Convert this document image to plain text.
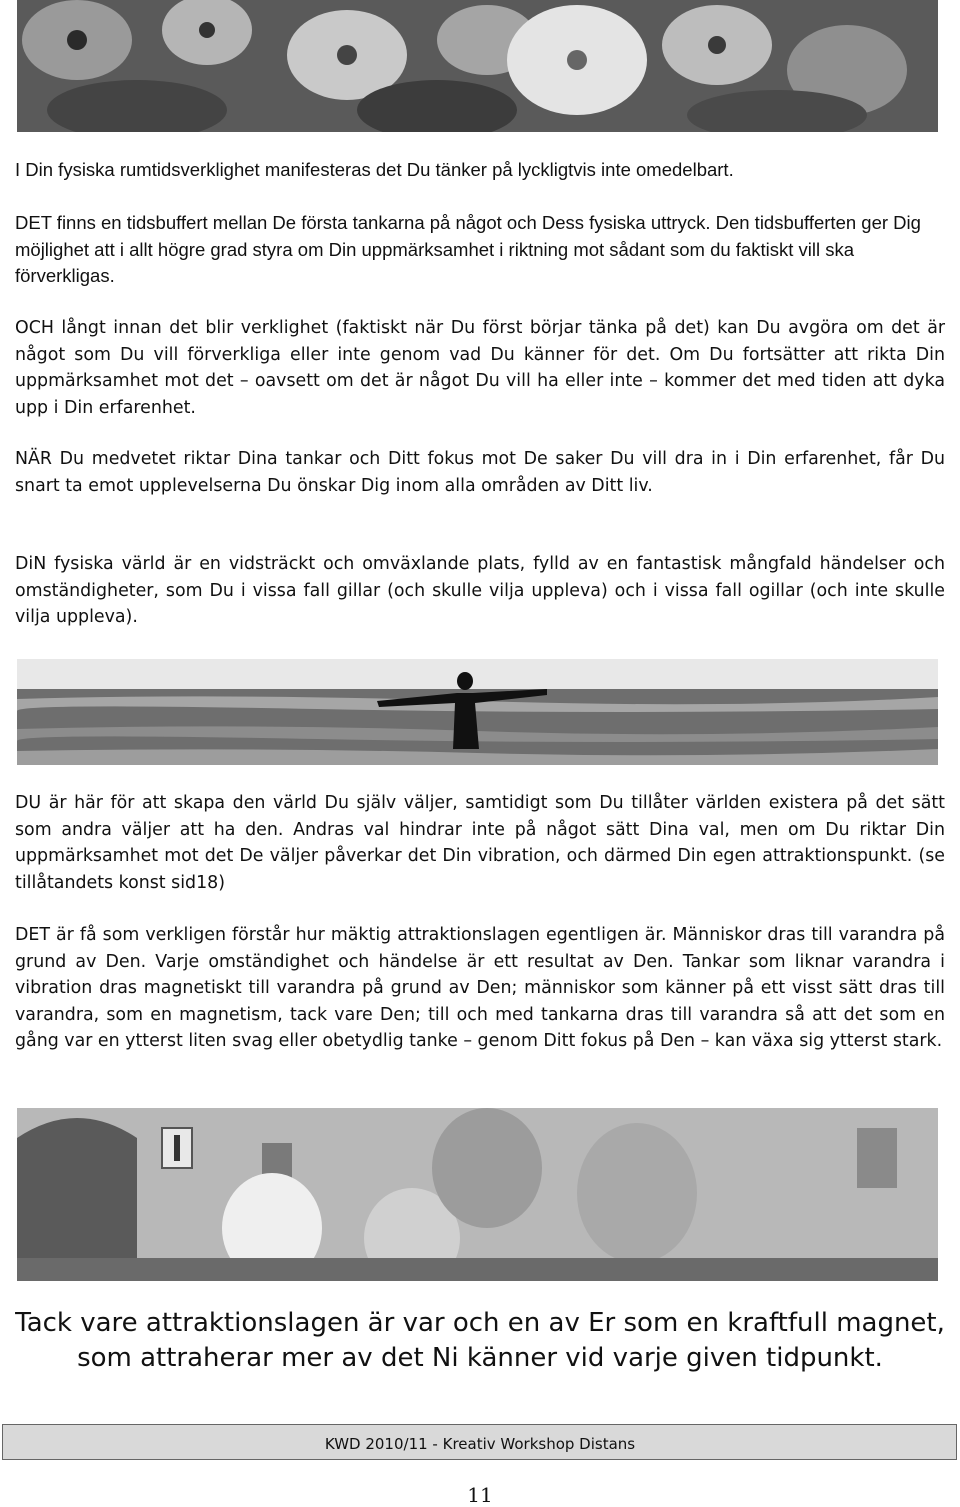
I Din fysiska rumtidsverklighet manifesteras det Du tänker på lyckligtvis inte omedelbart.

DET finns en tidsbuffert mellan De första tankarna på något och Dess fysiska uttryck. Den tidsbufferten ger Dig möjlighet att i allt högre grad styra om Din uppmärksamhet i riktning mot sådant som du faktiskt vill ska förverkligas.

OCH långt innan det blir verklighet (faktiskt när Du först börjar tänka på det) kan Du avgöra om det är något som Du vill förverkliga eller inte genom vad Du känner för det. Om Du fortsätter att rikta Din uppmärksamhet mot det – oavsett om det är något Du vill ha eller inte – kommer det med tiden att dyka upp i Din erfarenhet.

NÄR Du medvetet riktar Dina tankar och Ditt fokus mot De saker Du vill dra in i Din erfarenhet, får Du snart ta emot upplevelserna Du önskar Dig inom alla områden av Ditt liv.

DiN fysiska värld är en vidsträckt och omväxlande plats, fylld av en fantastisk mångfald händelser och omständigheter, som Du i vissa fall gillar (och skulle vilja uppleva) och i vissa fall ogillar (och inte skulle vilja uppleva).

DU är här för att skapa den värld Du själv väljer, samtidigt som Du tillåter världen existera på det sätt som andra väljer att ha den. Andras val hindrar inte på något sätt Dina val, men om Du riktar Din uppmärksamhet mot det De väljer påverkar det Din vibration, och därmed Din egen attraktionspunkt. (se tillåtandets konst sid18)

DET är få som verkligen förstår hur mäktig attraktionslagen egentligen är. Människor dras till varandra på grund av Den. Varje omständighet och händelse är ett resultat av Den. Tankar som liknar varandra i vibration dras magnetiskt till varandra på grund av Den; människor som känner på ett visst sätt dras till varandra, som en magnetism, tack vare Den; till och med tankarna dras till varandra så att det som en gång var en ytterst liten svag eller obetydlig tanke – genom Ditt fokus på Den – kan växa sig ytterst stark.

Tack vare attraktionslagen är var och en av Er som en kraftfull magnet,
som attraherar mer av det Ni känner vid varje given tidpunkt.
KWD 2010/11 - Kreativ Workshop Distans
11
